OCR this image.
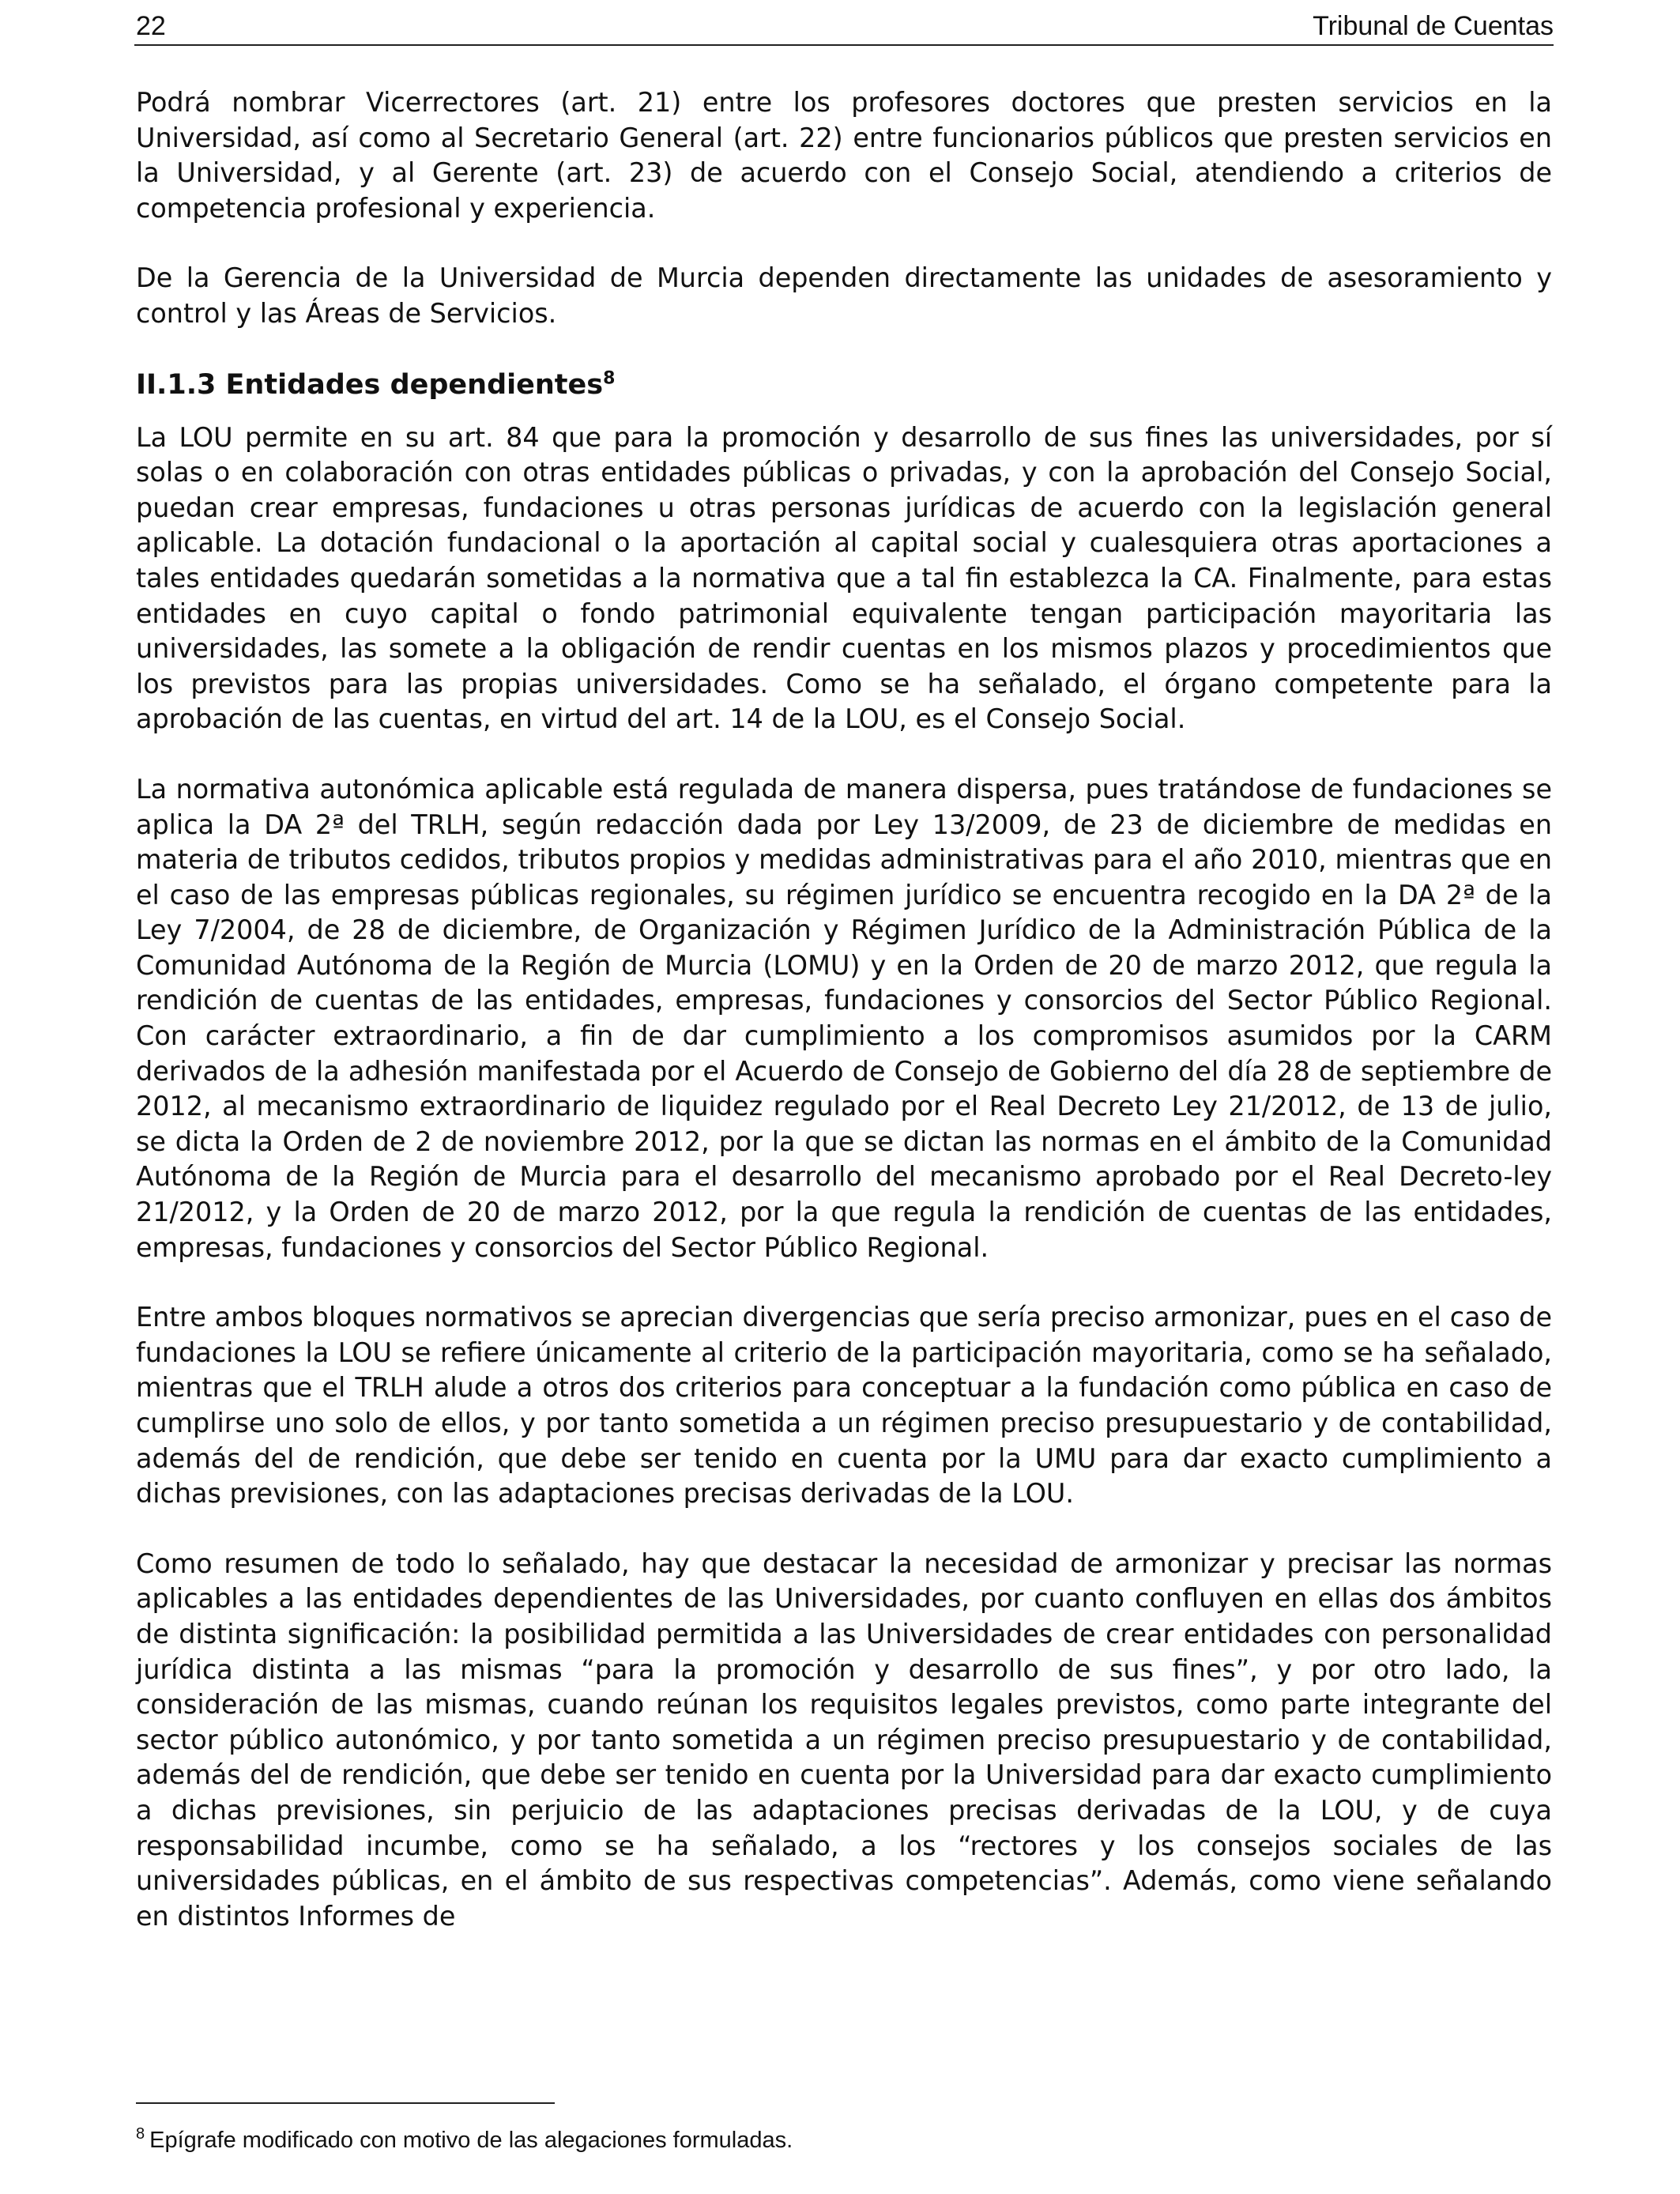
22	Tribunal de Cuentas

Podrá nombrar Vicerrectores (art. 21) entre los profesores doctores que presten servicios en la Universidad, así como al Secretario General (art. 22) entre funcionarios públicos que presten servicios en la Universidad, y al Gerente (art. 23) de acuerdo con el Consejo Social, atendiendo a criterios de competencia profesional y experiencia.

De la Gerencia de la Universidad de Murcia dependen directamente las unidades de asesoramiento y control y las Áreas de Servicios.

II.1.3 Entidades dependientes$^8$

La LOU permite en su art. 84 que para la promoción y desarrollo de sus fines las universidades, por sí solas o en colaboración con otras entidades públicas o privadas, y con la aprobación del Consejo Social, puedan crear empresas, fundaciones u otras personas jurídicas de acuerdo con la legislación general aplicable. La dotación fundacional o la aportación al capital social y cualesquiera otras aportaciones a tales entidades quedarán sometidas a la normativa que a tal fin establezca la CA. Finalmente, para estas entidades en cuyo capital o fondo patrimonial equivalente tengan participación mayoritaria las universidades, las somete a la obligación de rendir cuentas en los mismos plazos y procedimientos que los previstos para las propias universidades. Como se ha señalado, el órgano competente para la aprobación de las cuentas, en virtud del art. 14 de la LOU, es el Consejo Social.

La normativa autonómica aplicable está regulada de manera dispersa, pues tratándose de fundaciones se aplica la DA 2ª del TRLH, según redacción dada por Ley 13/2009, de 23 de diciembre de medidas en materia de tributos cedidos, tributos propios y medidas administrativas para el año 2010, mientras que en el caso de las empresas públicas regionales, su régimen jurídico se encuentra recogido en la DA 2ª de la Ley 7/2004, de 28 de diciembre, de Organización y Régimen Jurídico de la Administración Pública de la Comunidad Autónoma de la Región de Murcia (LOMU) y en la Orden de 20 de marzo 2012, que regula la rendición de cuentas de las entidades, empresas, fundaciones y consorcios del Sector Público Regional. Con carácter extraordinario, a fin de dar cumplimiento a los compromisos asumidos por la CARM derivados de la adhesión manifestada por el Acuerdo de Consejo de Gobierno del día 28 de septiembre de 2012, al mecanismo extraordinario de liquidez regulado por el Real Decreto Ley 21/2012, de 13 de julio, se dicta la Orden de 2 de noviembre 2012, por la que se dictan las normas en el ámbito de la Comunidad Autónoma de la Región de Murcia para el desarrollo del mecanismo aprobado por el Real Decreto-ley 21/2012, y la Orden de 20 de marzo 2012, por la que regula la rendición de cuentas de las entidades, empresas, fundaciones y consorcios del Sector Público Regional.

Entre ambos bloques normativos se aprecian divergencias que sería preciso armonizar, pues en el caso de fundaciones la LOU se refiere únicamente al criterio de la participación mayoritaria, como se ha señalado, mientras que el TRLH alude a otros dos criterios para conceptuar a la fundación como pública en caso de cumplirse uno solo de ellos, y por tanto sometida a un régimen preciso presupuestario y de contabilidad, además del de rendición, que debe ser tenido en cuenta por la UMU para dar exacto cumplimiento a dichas previsiones, con las adaptaciones precisas derivadas de la LOU.

Como resumen de todo lo señalado, hay que destacar la necesidad de armonizar y precisar las normas aplicables a las entidades dependientes de las Universidades, por cuanto confluyen en ellas dos ámbitos de distinta significación: la posibilidad permitida a las Universidades de crear entidades con personalidad jurídica distinta a las mismas “para la promoción y desarrollo de sus fines”, y por otro lado, la consideración de las mismas, cuando reúnan los requisitos legales previstos, como parte integrante del sector público autonómico, y por tanto sometida a un régimen preciso presupuestario y de contabilidad, además del de rendición, que debe ser tenido en cuenta por la Universidad para dar exacto cumplimiento a dichas previsiones, sin perjuicio de las adaptaciones precisas derivadas de la LOU, y de cuya responsabilidad incumbe, como se ha señalado, a los “rectores y los consejos sociales de las universidades públicas, en el ámbito de sus respectivas competencias”. Además, como viene señalando en distintos Informes de

$^8$ Epígrafe modificado con motivo de las alegaciones formuladas.
